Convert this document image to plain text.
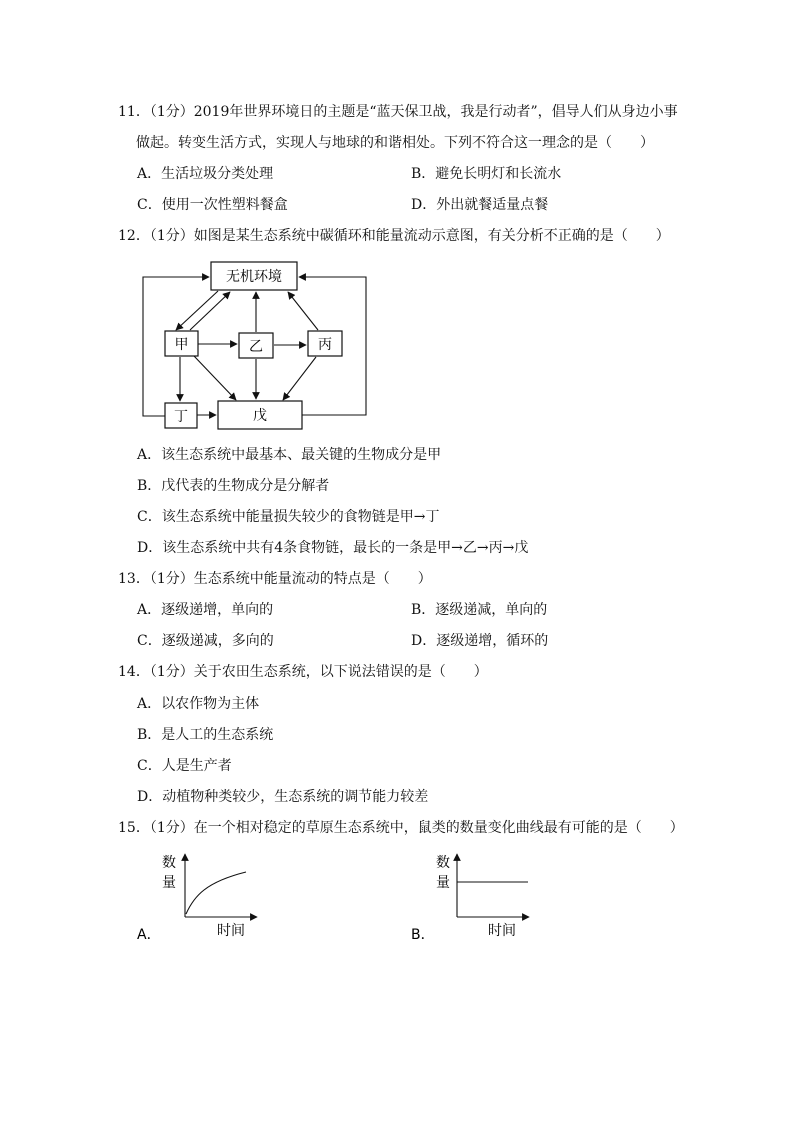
11．（1分）2019年世界环境日的主题是“蓝天保卫战，我是行动者”，倡导人们从身边小事
做起。转变生活方式，实现人与地球的和谐相处。下列不符合这一理念的是（　　）
A．生活垃圾分类处理	B．避免长明灯和长流水
C．使用一次性塑料餐盒	D．外出就餐适量点餐
12．（1分）如图是某生态系统中碳循环和能量流动示意图，有关分析不正确的是（　　）
无机环境
甲	乙	丙
丁	戊
A．该生态系统中最基本、最关键的生物成分是甲
B．戊代表的生物成分是分解者
C．该生态系统中能量损失较少的食物链是甲→丁
D．该生态系统中共有4条食物链，最长的一条是甲→乙→丙→戊
13．（1分）生态系统中能量流动的特点是（　　）
A．逐级递增，单向的	B．逐级递减，单向的
C．逐级递减，多向的	D．逐级递增，循环的
14．（1分）关于农田生态系统，以下说法错误的是（　　）
A．以农作物为主体
B．是人工的生态系统
C．人是生产者
D．动植物种类较少，生态系统的调节能力较差
15．（1分）在一个相对稳定的草原生态系统中，鼠类的数量变化曲线最有可能的是（　　）
A．
数
量
时间	B．
数
量
时间
